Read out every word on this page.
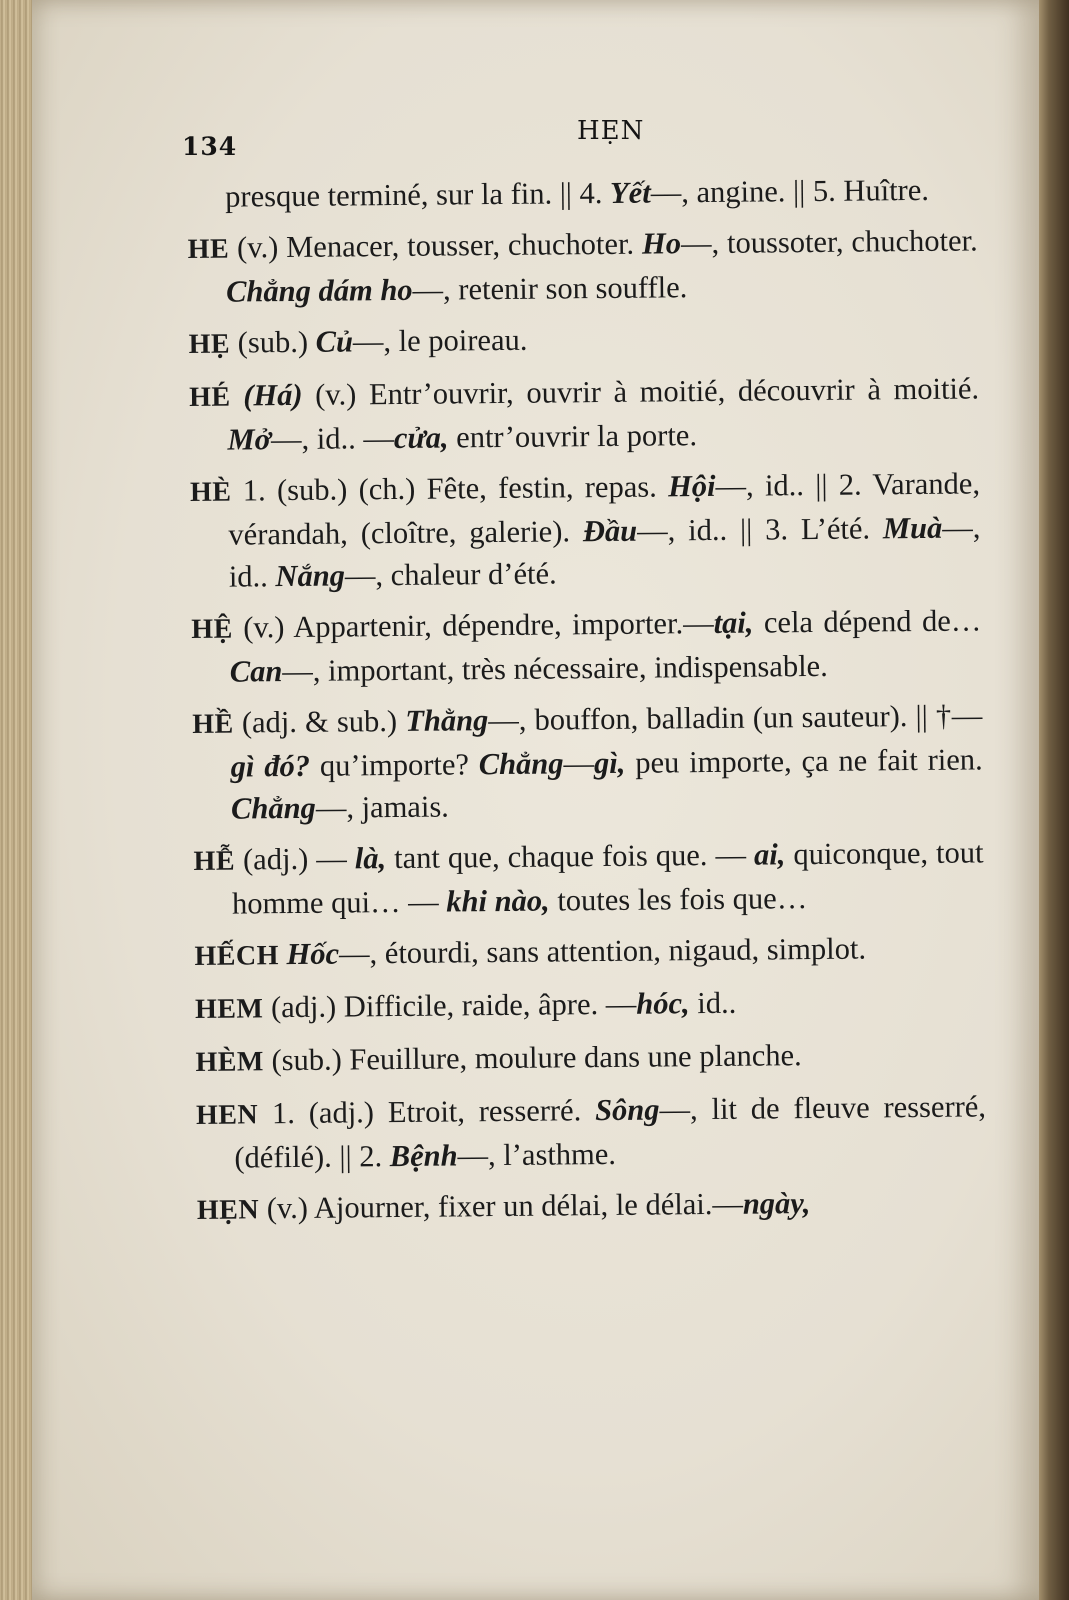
134
HẸN

presque terminé, sur la fin. || 4. Yết—, angine. || 5. Huître.

HE (v.) Menacer, tousser, chuchoter. Ho—, toussoter, chuchoter. Chẳng dám ho—, retenir son souffle.

HẸ (sub.) Củ—, le poireau.

HÉ (Há) (v.) Entr’ouvrir, ouvrir à moitié, découvrir à moitié. Mở—, id.. —cửa, entr’ouvrir la porte.

HÈ 1. (sub.) (ch.) Fête, festin, repas. Hội—, id.. || 2. Varande, vérandah, (cloître, galerie). Đầu—, id.. || 3. L’été. Muà—, id.. Nắng—, chaleur d’été.

HỆ (v.) Appartenir, dépendre, importer.—tại, cela dépend de… Can—, important, très nécessaire, indispensable.

HỀ (adj. & sub.) Thằng—, bouffon, balladin (un sauteur). || †—gì đó? qu’importe? Chẳng—gì, peu importe, ça ne fait rien. Chẳng—, jamais.

HỄ (adj.) — là, tant que, chaque fois que. — ai, quiconque, tout homme qui… — khi nào, toutes les fois que…

HẾCH Hốc—, étourdi, sans attention, nigaud, simplot.

HEM (adj.) Difficile, raide, âpre. —hóc, id..

HÈM (sub.) Feuillure, moulure dans une planche.

HEN 1. (adj.) Etroit, resserré. Sông—, lit de fleuve resserré, (défilé). || 2. Bệnh—, l’asthme.

HẸN (v.) Ajourner, fixer un délai, le délai.—ngày,
